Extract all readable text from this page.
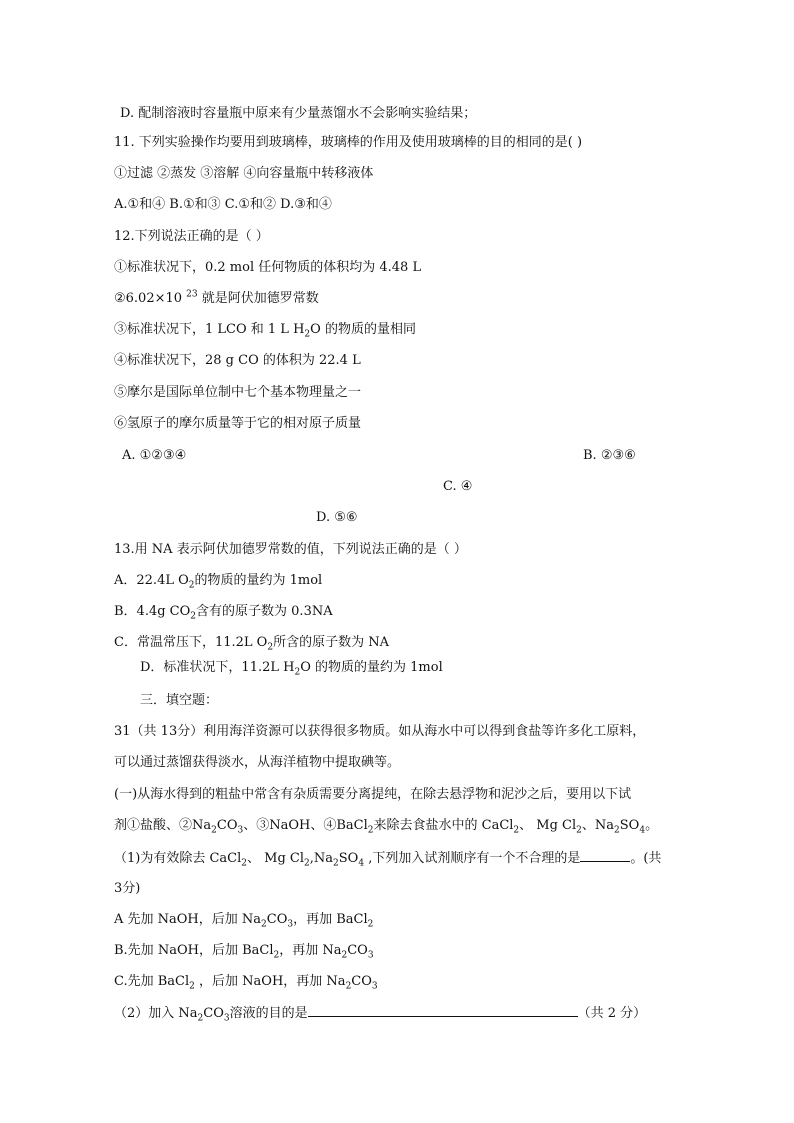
D. 配制溶液时容量瓶中原来有少量蒸馏水不会影响实验结果；
11. 下列实验操作均要用到玻璃棒，玻璃棒的作用及使用玻璃棒的目的相同的是( )
①过滤 ②蒸发 ③溶解 ④向容量瓶中转移液体
A.①和④ B.①和③ C.①和② D.③和④
12.下列说法正确的是（ ）
①标准状况下，0.2 mol 任何物质的体积均为 4.48 L
②6.02×10 $^{23}$ 就是阿伏加德罗常数
③标准状况下，1 LCO 和 1 L $H_2O$ 的物质的量相同
④标准状况下，28 g CO 的体积为 22.4 L
⑤摩尔是国际单位制中七个基本物理量之一
⑥氢原子的摩尔质量等于它的相对原子质量
A. ①②③④	B. ②③⑥
C. ④
D. ⑤⑥
13.用 NA 表示阿伏加德罗常数的值，下列说法正确的是（ ）
A．22.4L $O_2$的物质的量约为 1mol
B．4.4g $CO_2$含有的原子数为 0.3NA
C．常温常压下，11.2L $O_2$所含的原子数为 NA
D．标准状况下，11.2L $H_2O$ 的物质的量约为 1mol
三．填空题：
31（共 13分）利用海洋资源可以获得很多物质。如从海水中可以得到食盐等许多化工原料，
可以通过蒸馏获得淡水，从海洋植物中提取碘等。
(一)从海水得到的粗盐中常含有杂质需要分离提纯，在除去悬浮物和泥沙之后，要用以下试
剂①盐酸、$②Na_2CO_3$、③NaOH、④BaCl$_2$来除去食盐水中的 CaCl$_2$、 Mg $Cl_2$、$Na_2SO_4$。
（1)为有效除去 CaCl$_2$、 Mg $Cl_2,Na_2SO_4$ ,下列加入试剂顺序有一个不合理的是	。(共
3分)
A 先加 NaOH，后加 $Na_2CO_3$，再加 BaCl$_2$
B.先加 NaOH，后加 BaCl$_2$，再加 $Na_2CO_3$
C.先加 BaCl$_2$ ，后加 NaOH，再加 $Na_2CO_3$
（2）加入 $Na_2CO_3$溶液的目的是	（共 2 分）
